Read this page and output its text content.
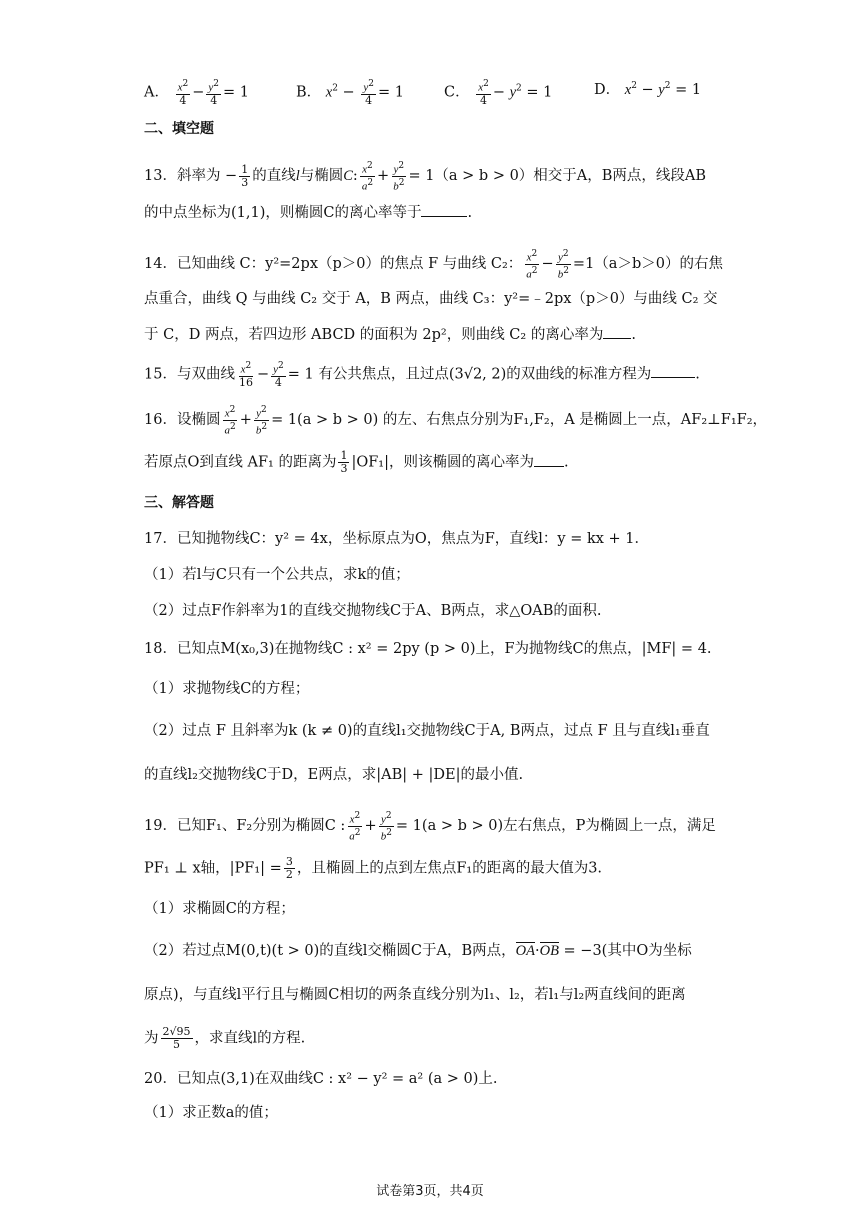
A． $\frac{x^2}{4} - \frac{y^2}{4} = 1$	B． $x^2 - \frac{y^2}{4} = 1$	C． $\frac{x^2}{4} - y^2 = 1$	D． $x^2 - y^2 = 1$
二、填空题
13．斜率为 − $\frac{1}{3}$ 的直线l与椭圆C: $\frac{x^2}{a^2} + \frac{y^2}{b^2} = 1(a > b > 0)$相交于A，B两点，线段AB
的中点坐标为(1,1)，则椭圆C的离心率等于	.
14．已知曲线 C：y²=2px（p＞0）的焦点 F 与曲线 C₂： $\frac{x^2}{a^2} - \frac{y^2}{b^2} =1(a>b>0)$的右焦
点重合，曲线 Q 与曲线 C₂ 交于 A，B 两点，曲线 C₃：y²=﹣2px（p＞0）与曲线 C₂ 交
于 C，D 两点，若四边形 ABCD 的面积为 2p²，则曲线 C₂ 的离心率为 .
15．与双曲线 $\frac{x^2}{16} - \frac{y^2}{4} = 1$ 有公共焦点，且过点(3√2, 2)的双曲线的标准方程为	.
16．设椭圆 $\frac{x^2}{a^2} + \frac{y^2}{b^2} = 1(a > b > 0)$ 的左、右焦点分别为F₁,F₂，A 是椭圆上一点，AF₂⊥F₁F₂，
若原点O到直线 AF₁ 的距离为 $\frac{1}{3} |OF_1|$，则该椭圆的离心率为 .
三、解答题
17．已知抛物线C：y² = 4x，坐标原点为O，焦点为F，直线l：y = kx + 1．
（1）若l与C只有一个公共点，求k的值；
（2）过点F作斜率为1的直线交抛物线C于A、B两点，求△OAB的面积.
18．已知点M(x₀,3)在抛物线C : x² = 2py (p > 0)上，F为抛物线C的焦点，|MF| = 4.
（1）求抛物线C的方程；
（2）过点 F 且斜率为k (k ≠ 0)的直线l₁交抛物线C于A, B两点，过点 F 且与直线l₁垂直
的直线l₂交抛物线C于D，E两点，求|AB| + |DE|的最小值.
19．已知F₁、F₂分别为椭圆C : $\frac{x^2}{a^2} + \frac{y^2}{b^2} = 1(a > b > 0)$左右焦点，P为椭圆上一点，满足
PF₁ ⊥ x轴，$|PF_1| = \frac{3}{2}$ ，且椭圆上的点到左焦点F₁的距离的最大值为3.
（1）求椭圆C的方程；
（2）若过点M(0,t)(t > 0)的直线l交椭圆C于A，B两点，OA·OB = −3(其中O为坐标
原点)，与直线l平行且与椭圆C相切的两条直线分别为l₁、l₂，若l₁与l₂两直线间的距离
为 $\frac{2√95}{5}$ ，求直线l的方程.
20．已知点(3,1)在双曲线C : x² − y² = a² (a > 0)上.
（1）求正数a的值；
试卷第3页，共4页
